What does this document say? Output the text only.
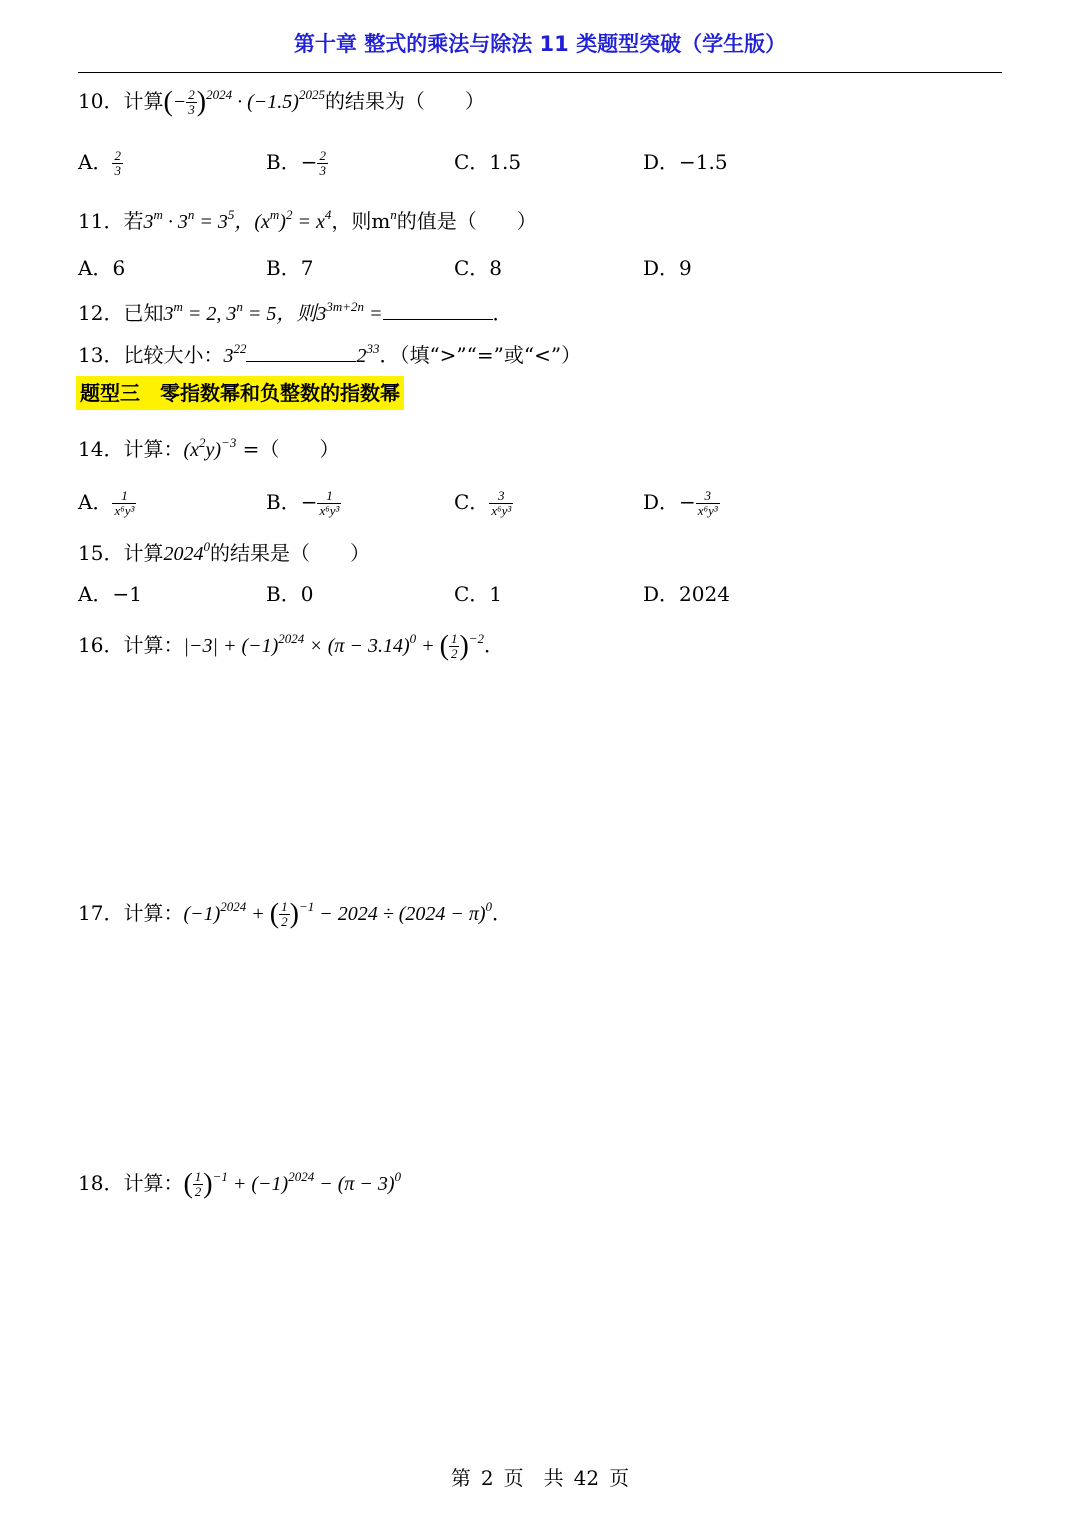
第十章 整式的乘法与除法 11 类题型突破（学生版）
10．计算(− $\frac{2}{3} )^{2024} \cdot (-1.5)^{2025}$的结果为（　　）
A． $\frac{2}{3}$	B．− $\frac{2}{3}$	C．1.5	D．−1.5
11．若$3^m \cdot 3^n = 3^5$，$(x^m)^2 = x^4$，则$m^n$的值是（　　）
A．6	B．7	C．8	D．9
12．已知$3^m = 2$, $3^n = 5$，则$3^{3m+2n}$ =	．
13．比较大小：$3^{22}$	$2^{33}$．（填“>”“=”或“<”）
题型三　零指数幂和负整数的指数幂
14．计算：$(x^2y)^{-3}$ =（　　）
A． $\frac{1}{\text{x⁶y³}}$	B．− $\frac{1}{\text{x⁶y³}}$	C． $\frac{3}{\text{x⁶y³}}$	D．− $\frac{3}{\text{x⁶y³}}$
15．计算2024$^0$的结果是（　　）
A．−1	B．0	C．1	D．2024
16．计算：$|-3| + (-1)^{2024} \times (\pi - 3.14)^0$ + ( $\frac{1}{2} )^{-2}$．
17．计算：$(-1)^{2024}$ + ( $\frac{1}{2} )^{-1} - 2024 \div (2024 - \pi)^0$．
18．计算：( $\frac{1}{2} )^{-1} + (-1)^{2024} - (\pi - 3)^0$
第 2 页　共 42 页
